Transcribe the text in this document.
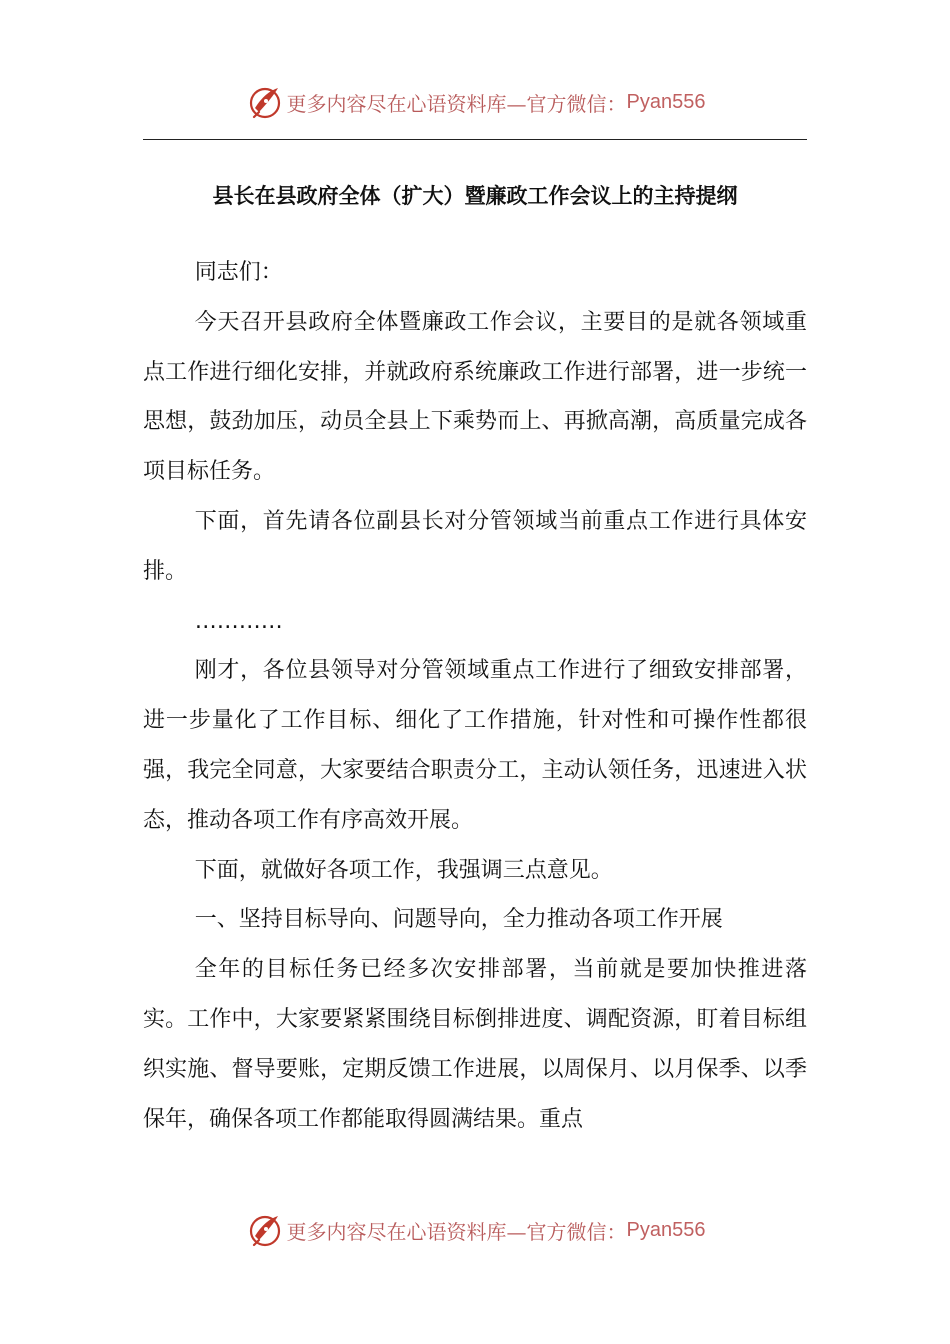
更多内容尽在心语资料库—官方微信： Pyan556
县长在县政府全体（扩大）暨廉政工作会议上的主持提纲

同志们：

今天召开县政府全体暨廉政工作会议，主要目的是就各领域重点工作进行细化安排，并就政府系统廉政工作进行部署，进一步统一思想，鼓劲加压，动员全县上下乘势而上、再掀高潮，高质量完成各项目标任务。

下面，首先请各位副县长对分管领域当前重点工作进行具体安排。

…………

刚才，各位县领导对分管领域重点工作进行了细致安排部署，进一步量化了工作目标、细化了工作措施，针对性和可操作性都很强，我完全同意，大家要结合职责分工，主动认领任务，迅速进入状态，推动各项工作有序高效开展。

下面，就做好各项工作，我强调三点意见。

一、坚持目标导向、问题导向，全力推动各项工作开展

全年的目标任务已经多次安排部署，当前就是要加快推进落实。工作中，大家要紧紧围绕目标倒排进度、调配资源，盯着目标组织实施、督导要账，定期反馈工作进展，以周保月、以月保季、以季保年，确保各项工作都能取得圆满结果。重点

更多内容尽在心语资料库—官方微信： Pyan556
